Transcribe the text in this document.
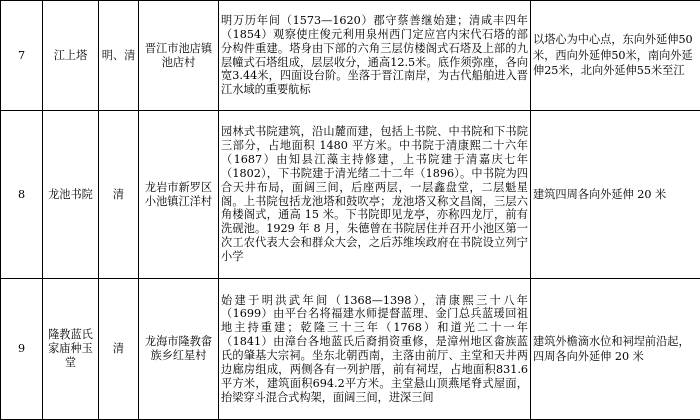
7	江上塔	明、清	晋江市池店镇池店村	明万历年间（1573—1620）郡守蔡善继始建；清咸丰四年（1854）观察使庄俊元利用泉州西门定应宫内宋代石塔的部分构件重建。塔身由下部的六角三层仿楼阁式石塔及上部的九层幢式石塔组成，层层收分，通高12.5米。底作须弥座，各向宽3.44米，四面设台阶。坐落于晋江南岸，为古代船舶进入晋江水域的重要航标	以塔心为中心点，东向外延伸50米，西向外延伸50米，南向外延伸25米，北向外延伸55米至江
8	龙池书院	清	龙岩市新罗区小池镇江洋村	园林式书院建筑，沿山麓而建，包括上书院、中书院和下书院三部分，占地面积 1480 平方米。中书院于清康熙二十六年（1687）由知县江藻主持修建，上书院建于清嘉庆七年（1802），下书院建于清光绪二十二年（1896）。中书院为四合天井布局，面阔三间，后座两层，一层鑫盘堂，二层魁星阁。上书院包括龙池塔和鼓吹亭；龙池塔又称文昌阁，三层六角楼阁式，通高 15 米。下书院即见龙亭，亦称四龙厅，前有洗砚池。1929 年 8 月，朱德曾在书院居住并召开小池区第一次工农代表大会和群众大会，之后苏维埃政府在书院设立列宁小学	建筑四周各向外延伸 20 米
9	隆教蓝氏家庙种玉堂	清	龙海市隆教畲族乡红星村	始建于明洪武年间（1368—1398），清康熙三十八年（1699）由平台名将福建水师提督蓝理、金门总兵蓝瑗回祖地主持重建；乾隆三十三年（1768）和道光二十一年（1841）由漳台各地蓝氏后裔捐资重修，是漳州地区畲族蓝氏的肇基大宗祠。坐东北朝西南，主落由前厅、主堂和天井两边廊房组成，两侧各有一列护厝，前有祠埕，占地面积831.6平方米，建筑面积694.2平方米。主堂悬山顶燕尾脊式屋面，抬梁穿斗混合式构架，面阔三间，进深三间	建筑外檐滴水位和祠埕前沿起，四周各向外延伸 20 米
